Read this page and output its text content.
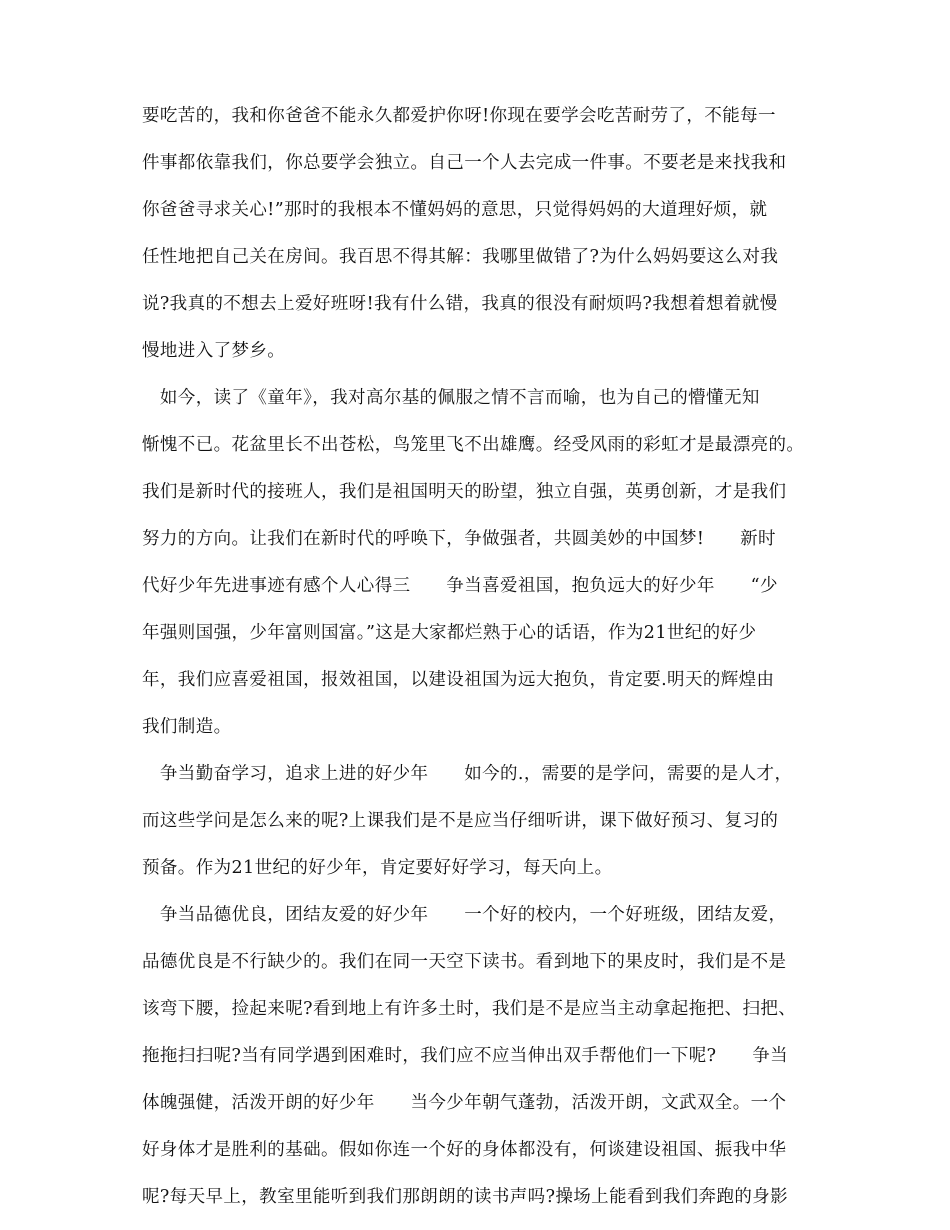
要吃苦的，我和你爸爸不能永久都爱护你呀!你现在要学会吃苦耐劳了，不能每一
件事都依靠我们，你总要学会独立。自己一个人去完成一件事。不要老是来找我和
你爸爸寻求关心!”那时的我根本不懂妈妈的意思，只觉得妈妈的大道理好烦，就
任性地把自己关在房间。我百思不得其解：我哪里做错了?为什么妈妈要这么对我
说?我真的不想去上爱好班呀!我有什么错，我真的很没有耐烦吗?我想着想着就慢
慢地进入了梦乡。
　如今，读了《童年》，我对高尔基的佩服之情不言而喻，也为自己的懵懂无知
惭愧不已。花盆里长不出苍松，鸟笼里飞不出雄鹰。经受风雨的彩虹才是最漂亮的。
我们是新时代的接班人，我们是祖国明天的盼望，独立自强，英勇创新，才是我们
努力的方向。让我们在新时代的呼唤下，争做强者，共圆美妙的中国梦!　　新时
代好少年先进事迹有感个人心得三　　争当喜爱祖国，抱负远大的好少年　　“少
年强则国强，少年富则国富。”这是大家都烂熟于心的话语，作为21世纪的好少
年，我们应喜爱祖国，报效祖国，以建设祖国为远大抱负，肯定要.明天的辉煌由
我们制造。
　争当勤奋学习，追求上进的好少年　　如今的.，需要的是学问，需要的是人才，
而这些学问是怎么来的呢?上课我们是不是应当仔细听讲，课下做好预习、复习的
预备。作为21世纪的好少年，肯定要好好学习，每天向上。
　争当品德优良，团结友爱的好少年　　一个好的校内，一个好班级，团结友爱，
品德优良是不行缺少的。我们在同一天空下读书。看到地下的果皮时，我们是不是
该弯下腰，捡起来呢?看到地上有许多土时，我们是不是应当主动拿起拖把、扫把、
拖拖扫扫呢?当有同学遇到困难时，我们应不应当伸出双手帮他们一下呢?　　争当
体魄强健，活泼开朗的好少年　　当今少年朝气蓬勃，活泼开朗，文武双全。一个
好身体才是胜利的基础。假如你连一个好的身体都没有，何谈建设祖国、振我中华
呢?每天早上，教室里能听到我们那朗朗的读书声吗?操场上能看到我们奔跑的身影
